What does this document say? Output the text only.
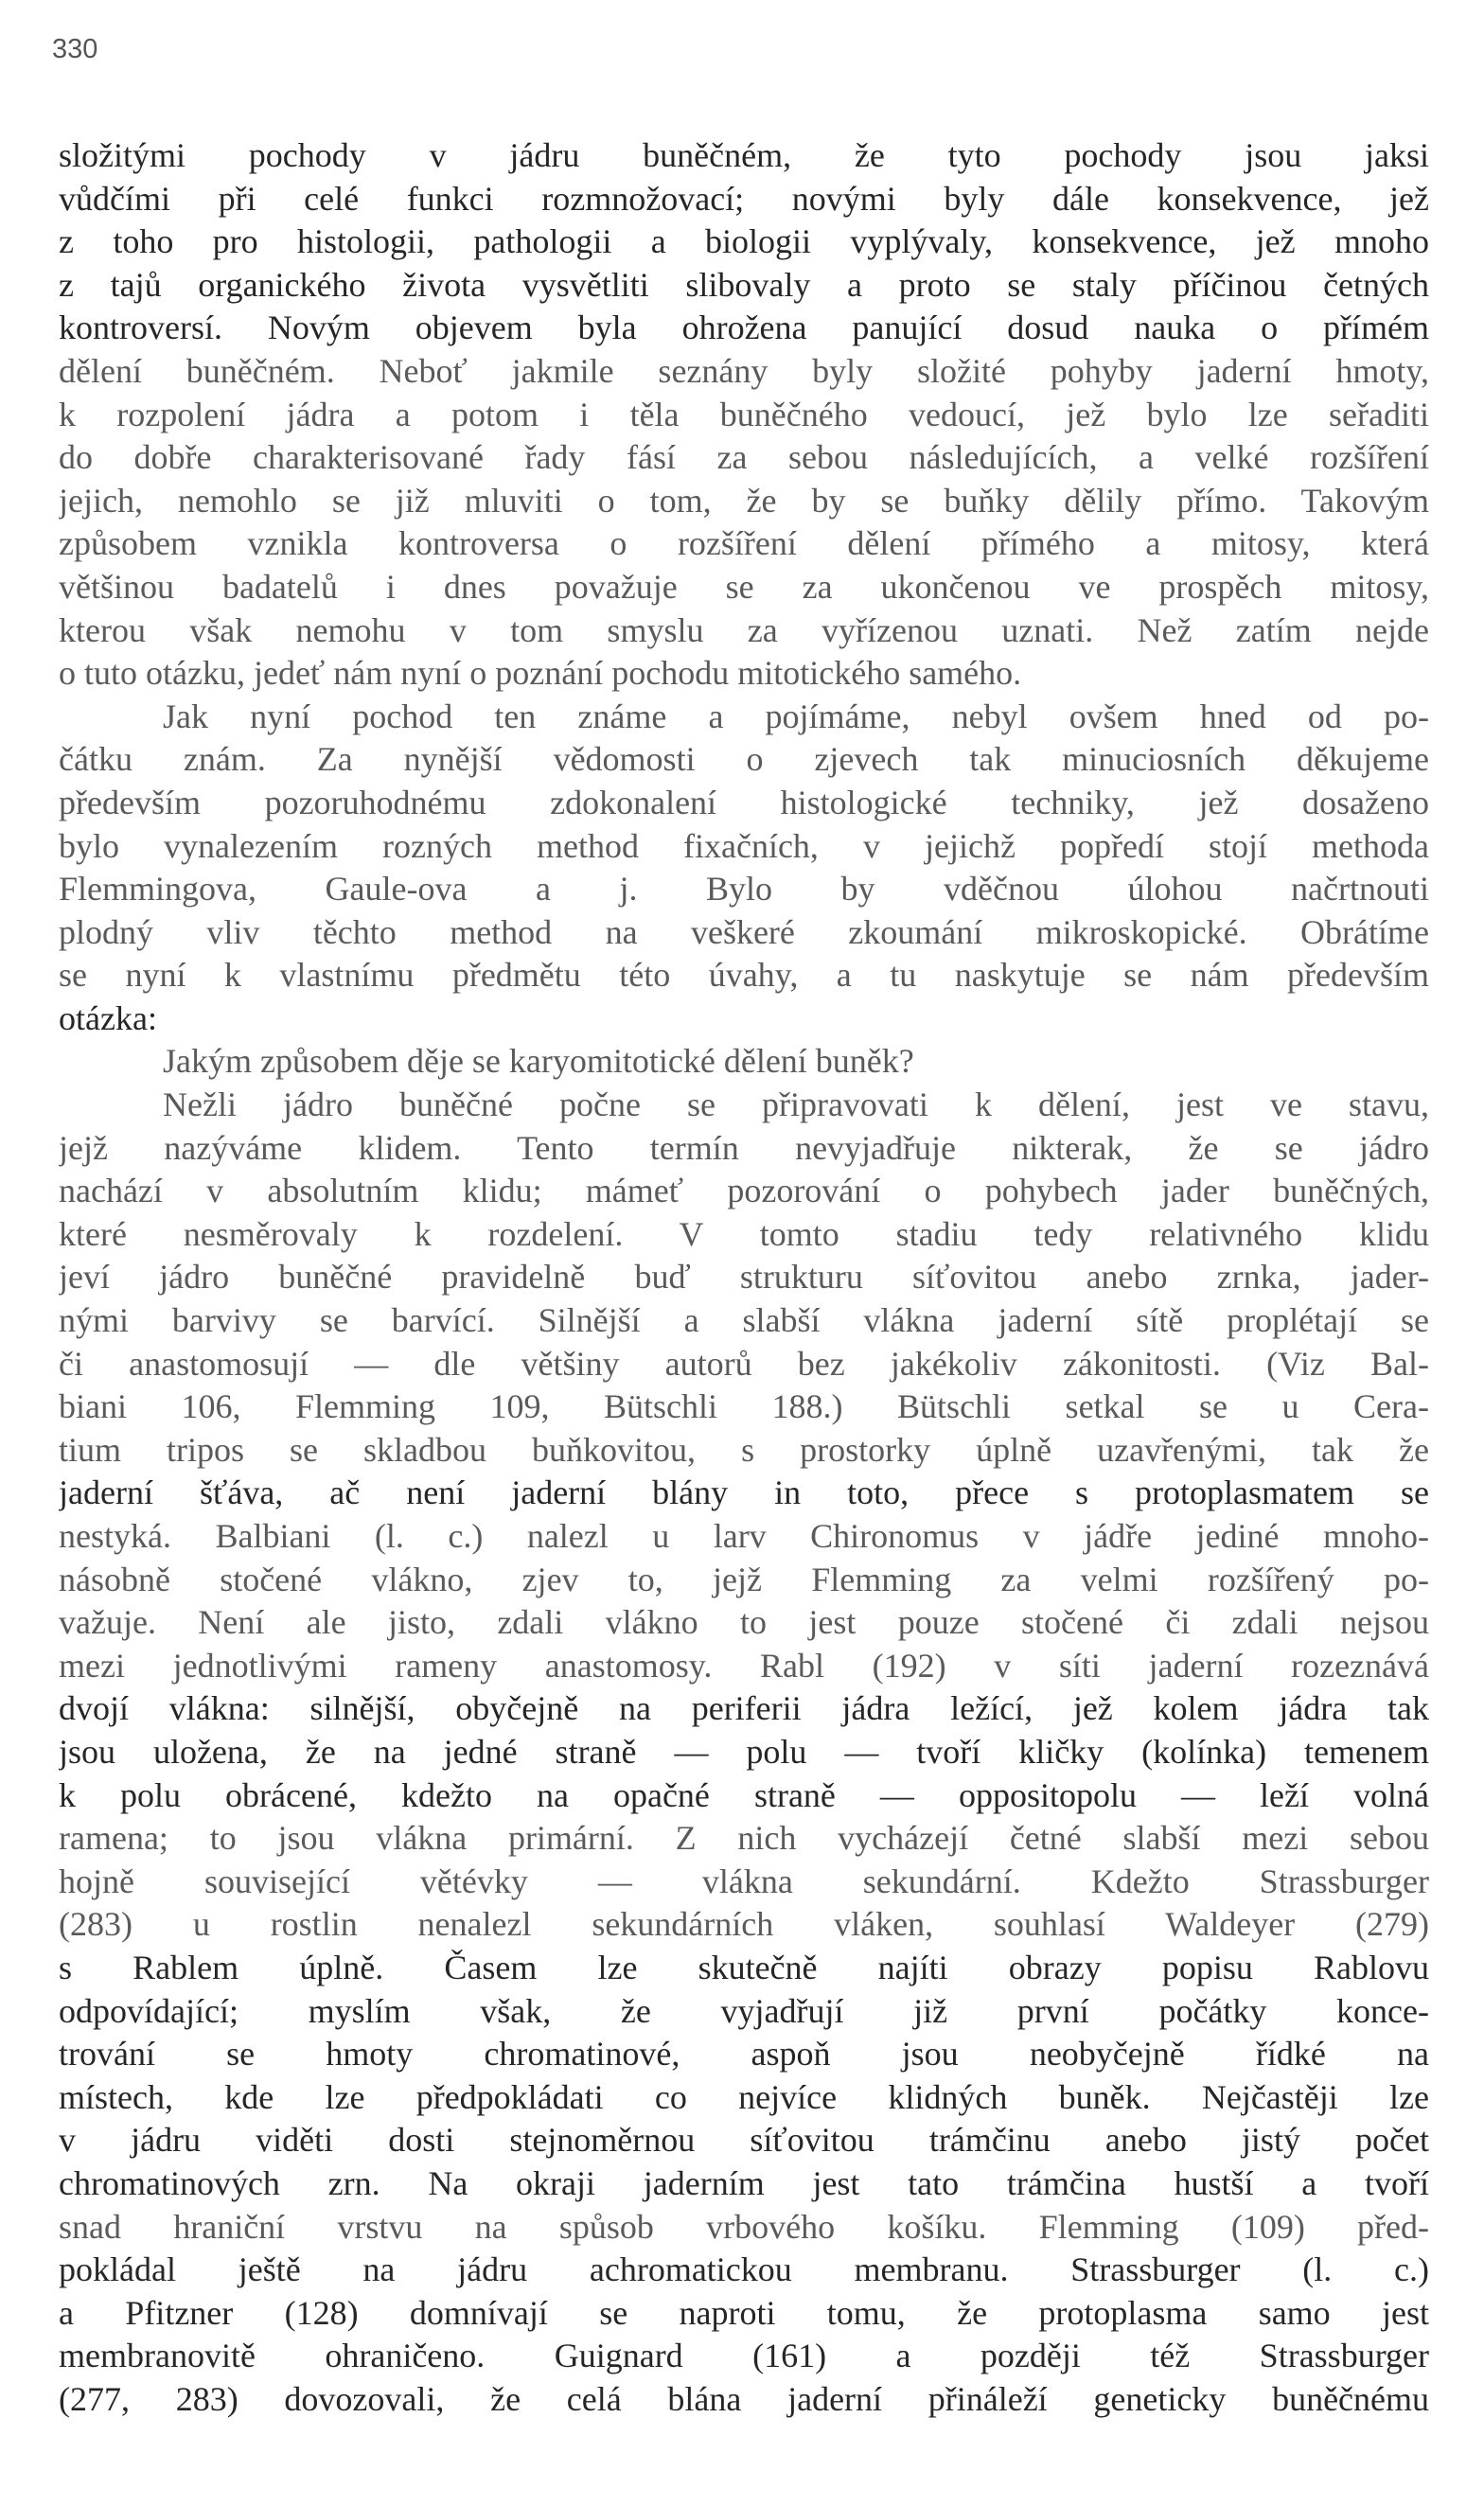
330
složitými pochody v jádru buněčném, že tyto pochody jsou jaksi
vůdčími při celé funkci rozmnožovací; novými byly dále konsekvence, jež
z toho pro histologii, pathologii a biologii vyplývaly, konsekvence, jež mnoho
z tajů organického života vysvětliti slibovaly a proto se staly příčinou četných
kontroversí. Novým objevem byla ohrožena panující dosud nauka o přímém
dělení buněčném. Neboť jakmile seznány byly složité pohyby jaderní hmoty,
k rozpolení jádra a potom i těla buněčného vedoucí, jež bylo lze seřaditi
do dobře charakterisované řady fásí za sebou následujících, a velké rozšíření
jejich, nemohlo se již mluviti o tom, že by se buňky dělily přímo. Takovým
způsobem vznikla kontroversa o rozšíření dělení přímého a mitosy, která
většinou badatelů i dnes považuje se za ukončenou ve prospěch mitosy,
kterou však nemohu v tom smyslu za vyřízenou uznati. Než zatím nejde
o tuto otázku, jedeť nám nyní o poznání pochodu mitotického samého.
Jak nyní pochod ten známe a pojímáme, nebyl ovšem hned od po-
čátku znám. Za nynější vědomosti o zjevech tak minuciosních děkujeme
především pozoruhodnému zdokonalení histologické techniky, jež dosaženo
bylo vynalezením rozných method fixačních, v jejichž popředí stojí methoda
Flemmingova, Gaule-ova a j. Bylo by vděčnou úlohou načrtnouti
plodný vliv těchto method na veškeré zkoumání mikroskopické. Obrátíme
se nyní k vlastnímu předmětu této úvahy, a tu naskytuje se nám především
otázka:
Jakým způsobem děje se karyomitotické dělení buněk?
Nežli jádro buněčné počne se připravovati k dělení, jest ve stavu,
jejž nazýváme klidem. Tento termín nevyjadřuje nikterak, že se jádro
nachází v absolutním klidu; mámeť pozorování o pohybech jader buněčných,
které nesměrovaly k rozdelení. V tomto stadiu tedy relativného klidu
jeví jádro buněčné pravidelně buď strukturu síťovitou anebo zrnka, jader-
nými barvivy se barvící. Silnější a slabší vlákna jaderní sítě proplétají se
či anastomosují — dle většiny autorů bez jakékoliv zákonitosti. (Viz Bal-
biani 106, Flemming 109, Bütschli 188.) Bütschli setkal se u Cera-
tium tripos se skladbou buňkovitou, s prostorky úplně uzavřenými, tak že
jaderní šťáva, ač není jaderní blány in toto, přece s protoplasmatem se
nestyká. Balbiani (l. c.) nalezl u larv Chironomus v jádře jediné mnoho-
násobně stočené vlákno, zjev to, jejž Flemming za velmi rozšířený po-
važuje. Není ale jisto, zdali vlákno to jest pouze stočené či zdali nejsou
mezi jednotlivými rameny anastomosy. Rabl (192) v síti jaderní rozeznává
dvojí vlákna: silnější, obyčejně na periferii jádra ležící, jež kolem jádra tak
jsou uložena, že na jedné straně — polu — tvoří kličky (kolínka) temenem
k polu obrácené, kdežto na opačné straně — oppositopolu — leží volná
ramena; to jsou vlákna primární. Z nich vycházejí četné slabší mezi sebou
hojně související větévky — vlákna sekundární. Kdežto Strassburger
(283) u rostlin nenalezl sekundárních vláken, souhlasí Waldeyer (279)
s Rablem úplně. Časem lze skutečně najíti obrazy popisu Rablovu
odpovídající; myslím však, že vyjadřují již první počátky konce-
trování se hmoty chromatinové, aspoň jsou neobyčejně řídké na
místech, kde lze předpokládati co nejvíce klidných buněk. Nejčastěji lze
v jádru viděti dosti stejnoměrnou síťovitou trámčinu anebo jistý počet
chromatinových zrn. Na okraji jaderním jest tato trámčina hustší a tvoří
snad hraniční vrstvu na spůsob vrbového košíku. Flemming (109) před-
pokládal ještě na jádru achromatickou membranu. Strassburger (l. c.)
a Pfitzner (128) domnívají se naproti tomu, že protoplasma samo jest
membranovitě ohraničeno. Guignard (161) a později též Strassburger
(277, 283) dovozovali, že celá blána jaderní přináleží geneticky buněčnému
